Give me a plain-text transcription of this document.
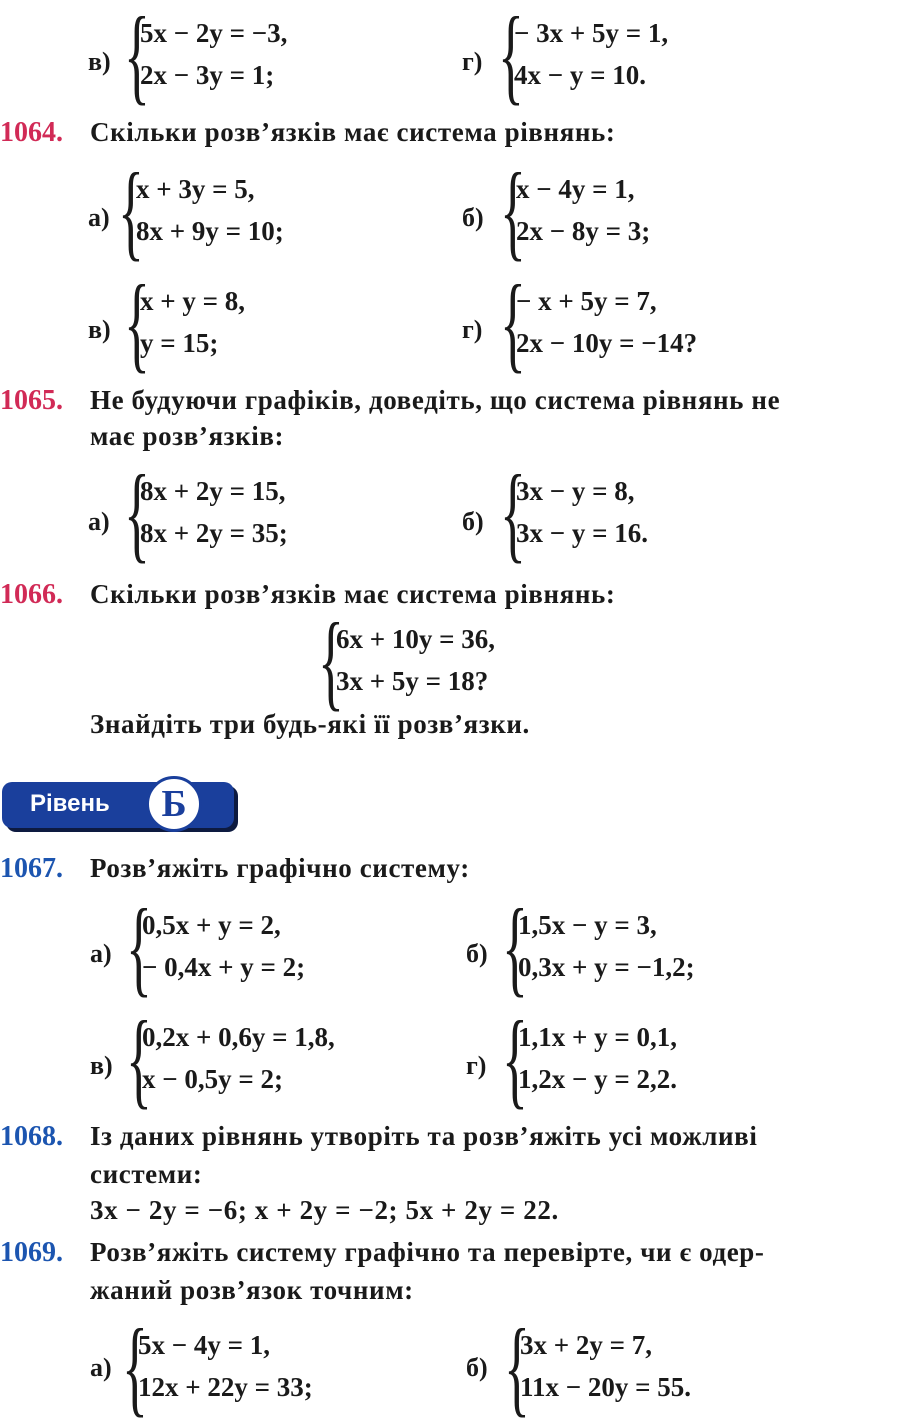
в) {
5x − 2y = −3,
2x − 3y = 1;	г) {
− 3x + 5y = 1,
4x − y = 10.
1064. Скільки розв’язків має система рівнянь:
а) {
x + 3y = 5,
8x + 9y = 10;	б) {
x − 4y = 1,
2x − 8y = 3;
в) {
x + y = 8,
y = 15;	г) {
− x + 5y = 7,
2x − 10y = −14?
1065. Не будуючи графіків, доведіть, що система рівнянь не
має розв’язків:
а) {
8x + 2y = 15,
8x + 2y = 35;	б) {
3x − y = 8,
3x − y = 16.
1066. Скільки розв’язків має система рівнянь:
{
6x + 10y = 36,
3x + 5y = 18?
Знайдіть три будь-які її розв’язки.
Рівень	Б
1067. Розв’яжіть графічно систему:
а) {
0,5x + y = 2,
− 0,4x + y = 2;	б) {
1,5x − y = 3,
0,3x + y = −1,2;
в) {
0,2x + 0,6y = 1,8,
x − 0,5y = 2;	г) {
1,1x + y = 0,1,
1,2x − y = 2,2.
1068. Із даних рівнянь утворіть та розв’яжіть усі можливі
системи:
3x − 2y = −6; x + 2y = −2; 5x + 2y = 22.
1069. Розв’яжіть систему графічно та перевірте, чи є одер-
жаний розв’язок точним:
а) {
5x − 4y = 1,
12x + 22y = 33;
б) {
3x + 2y = 7,
11x − 20y = 55.
